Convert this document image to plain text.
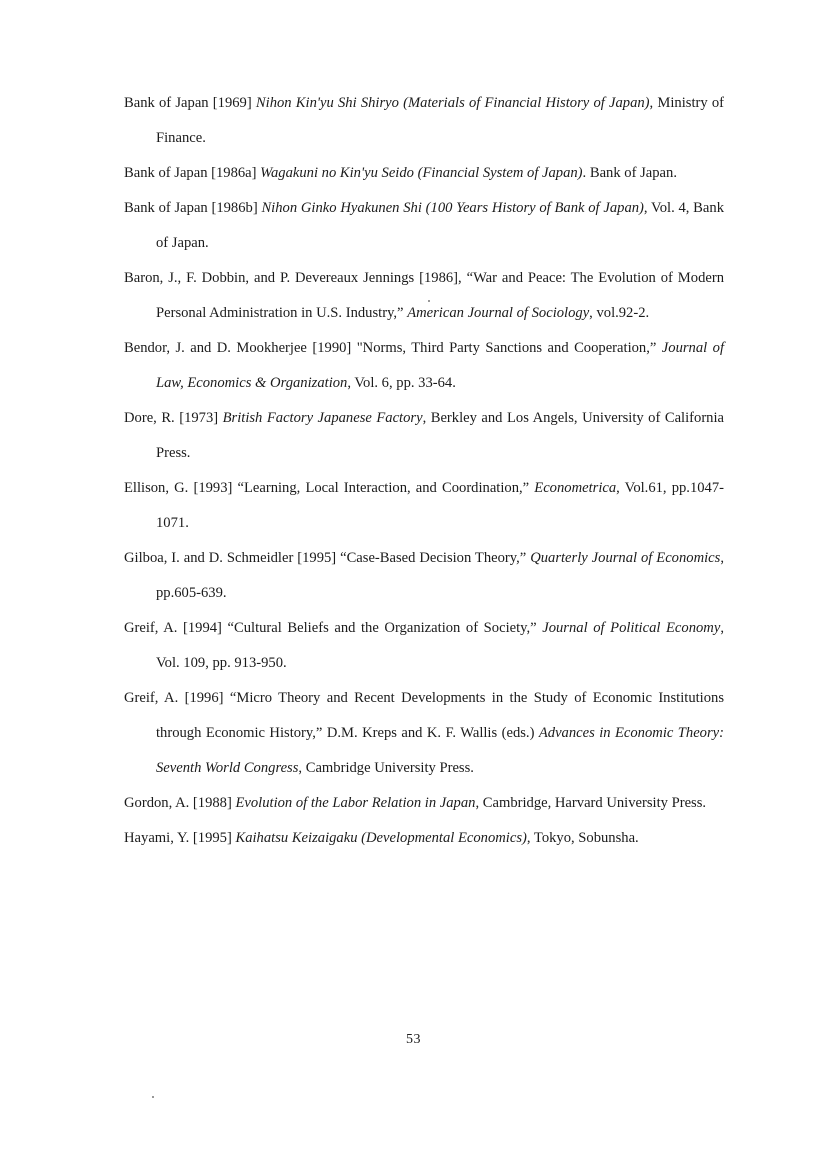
Bank of Japan [1969] Nihon Kin'yu Shi Shiryo (Materials of Financial History of Japan), Ministry of Finance.

Bank of Japan [1986a] Wagakuni no Kin'yu Seido (Financial System of Japan). Bank of Japan.

Bank of Japan [1986b] Nihon Ginko Hyakunen Shi (100 Years History of Bank of Japan), Vol. 4, Bank of Japan.

Baron, J., F. Dobbin, and P. Devereaux Jennings [1986], “War and Peace: The Evolution of Modern Personal Administration in U.S. Industry,” American Journal of Sociology, vol.92-2.

Bendor, J. and D. Mookherjee [1990] "Norms, Third Party Sanctions and Cooperation,” Journal of Law, Economics & Organization, Vol. 6, pp. 33-64.

Dore, R. [1973] British Factory Japanese Factory, Berkley and Los Angels, University of California Press.

Ellison, G. [1993] “Learning, Local Interaction, and Coordination,” Econometrica, Vol.61, pp.1047-1071.

Gilboa, I. and D. Schmeidler [1995] “Case-Based Decision Theory,” Quarterly Journal of Economics, pp.605-639.

Greif, A. [1994] “Cultural Beliefs and the Organization of Society,” Journal of Political Economy, Vol. 109, pp. 913-950.

Greif, A. [1996] “Micro Theory and Recent Developments in the Study of Economic Institutions through Economic History,” D.M. Kreps and K. F. Wallis (eds.) Advances in Economic Theory: Seventh World Congress, Cambridge University Press.

Gordon, A. [1988] Evolution of the Labor Relation in Japan, Cambridge, Harvard University Press.

Hayami, Y. [1995] Kaihatsu Keizaigaku (Developmental Economics), Tokyo, Sobunsha.

53
